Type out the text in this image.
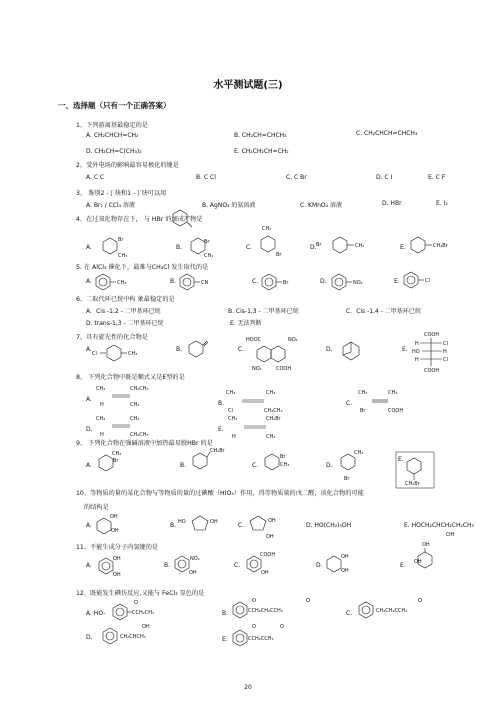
水平测试题(三)
一、选择题（只有一个正确答案）
1、下列游离基最稳定的是
A. CH₂CHCH=CH₂	B. CH₂CH=CHCH₃	C. CH₂CHCH=CHCH₃
D. CH₂CH=C(CH₃)₂	E. CH₂CH₂CH=CH₂
2、受外电场的影响最容易极化的键是
A. C C	B. C Cl	C. C Br	D. C I	E. C F
3、 鉴别2 -丁炔和1 -丁炔可以用
A. Br₂ / CCl₄ 溶液	B. AgNO₃ 的氨溶液	C. KMnO₄ 溶液	D. HBr	E. I₂
4、在过氧化物存在下， 与 HBr 的加成产物是
A.
Br
CH₃
B.
Br
CH₃
C.
CH₃
Br
D. Br	CH₃	E.	CH₂Br
5. 在 AlCl₃ 催化下，最难与CH₃Cl 发生取代的是
A.	CH₃	B.	CN	C.	Br	D.	NO₂	E.	Cl
6、二取代环已烷中构 象最稳定的是
A．Cis -1,2 - 二甲基环已烷	B. Cis-1,3 - 二甲基环已烷	C．Cis -1,4 - 二甲基环已烷
D. trans-1,3 - 二甲基环已烷	E. 无法判断
7、具有旋光性的化合物是
A.
Cl	CH₃
B.	C.
HOOC	NO₂
NO₂	COOH
D.	E.
COOH
H	Cl
HO	H
H	Cl
COOH
8、 下列化合物中既是顺式又是E型的是
A.
CH₃	CH₂CH₃
H	CH₃	B.
CH₃	CH₃
Cl	CH₂CH₃
C.
CH₃	CH₃
Br	COOH
D.
CH₃	CH₃
H	CH₂CH₃
E.
CH₃	CH₂Br
H	CH₃
9、 下列化合物在强碱溶液中加热最易脱HBr 的是
A.
CH₃
Br
B.
CH₂Br
C.
Br
CH₃	D.
CH₃
Br
E.
CH₂Br
10、等物质的量的某化合物与等物质的量的过碘酸（HIO₄）作用，得等物质量的戊二醛，该化合物的可能
的结构是
A.
OH
OH
B. HO	OH	C.
OH
OH
D. HO(CH₂)₅OH	E. HOCH₂CHCH₂CH₂CH₃
OH
11、不能生成分子内氢键的是
A.
OH
OH
B.
NO₂
OH
C.
COOH
OH
D.
OH
OH
E.
OH
OH
12、既能发生碘仿反应,又能与 FeCl₃ 显色的是
A. HO-
O
CCH₂CH₃	B.
O	O
CCH₂CH₂CCH₃	C.
O
CH₂CH₂CCH₃
D.
OH
CH₂CHCH₃	E.
O	O
CCH₂CCH₃
20
